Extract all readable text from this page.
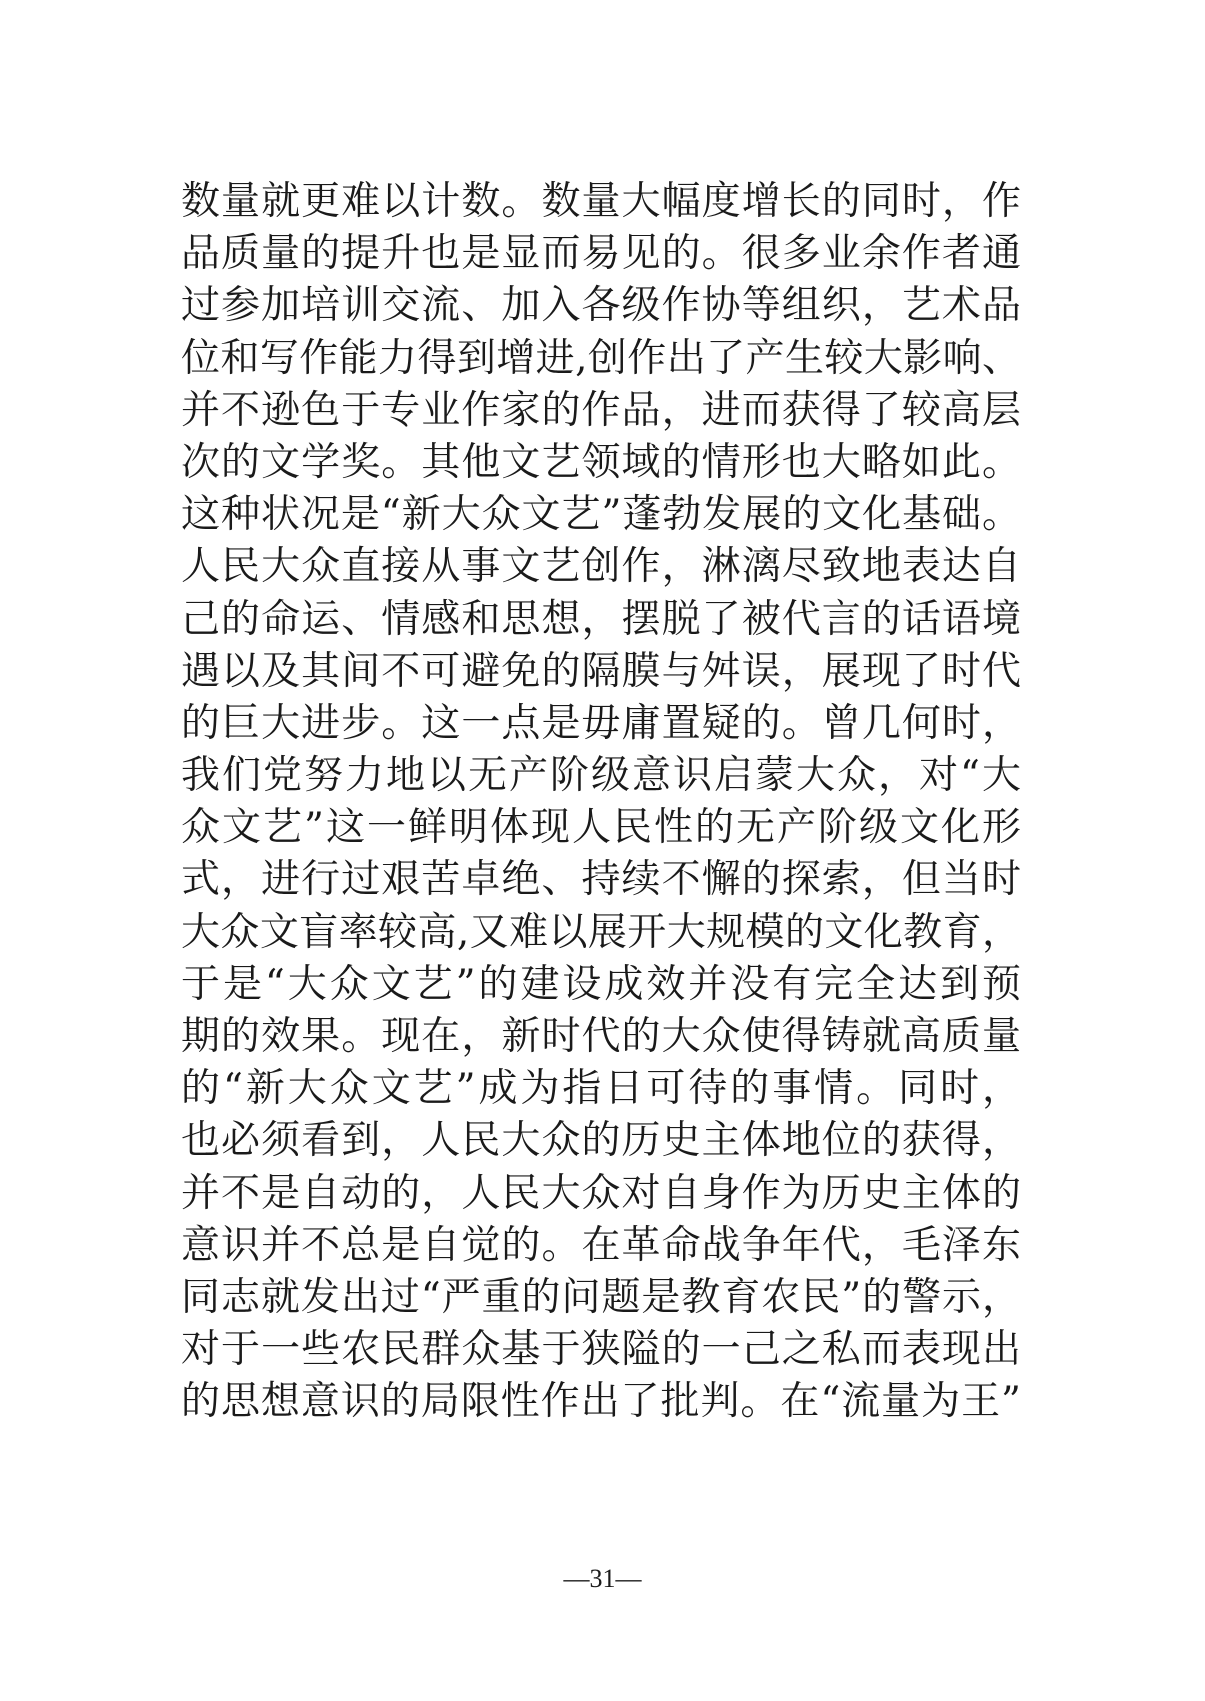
数量就更难以计数。数量大幅度增长的同时，作
品质量的提升也是显而易见的。很多业余作者通
过参加培训交流、加入各级作协等组织，艺术品
位和写作能力得到增进,创作出了产生较大影响、
并不逊色于专业作家的作品，进而获得了较高层
次的文学奖。其他文艺领域的情形也大略如此。
这种状况是“新大众文艺”蓬勃发展的文化基础。
人民大众直接从事文艺创作，淋漓尽致地表达自
己的命运、情感和思想，摆脱了被代言的话语境
遇以及其间不可避免的隔膜与舛误，展现了时代
的巨大进步。这一点是毋庸置疑的。曾几何时，
我们党努力地以无产阶级意识启蒙大众，对“大
众文艺”这一鲜明体现人民性的无产阶级文化形
式，进行过艰苦卓绝、持续不懈的探索，但当时
大众文盲率较高,又难以展开大规模的文化教育，
于是“大众文艺”的建设成效并没有完全达到预
期的效果。现在，新时代的大众使得铸就高质量
的“新大众文艺”成为指日可待的事情。同时，
也必须看到，人民大众的历史主体地位的获得，
并不是自动的，人民大众对自身作为历史主体的
意识并不总是自觉的。在革命战争年代，毛泽东
同志就发出过“严重的问题是教育农民”的警示，
对于一些农民群众基于狭隘的一己之私而表现出
的思想意识的局限性作出了批判。在“流量为王”
—31—
